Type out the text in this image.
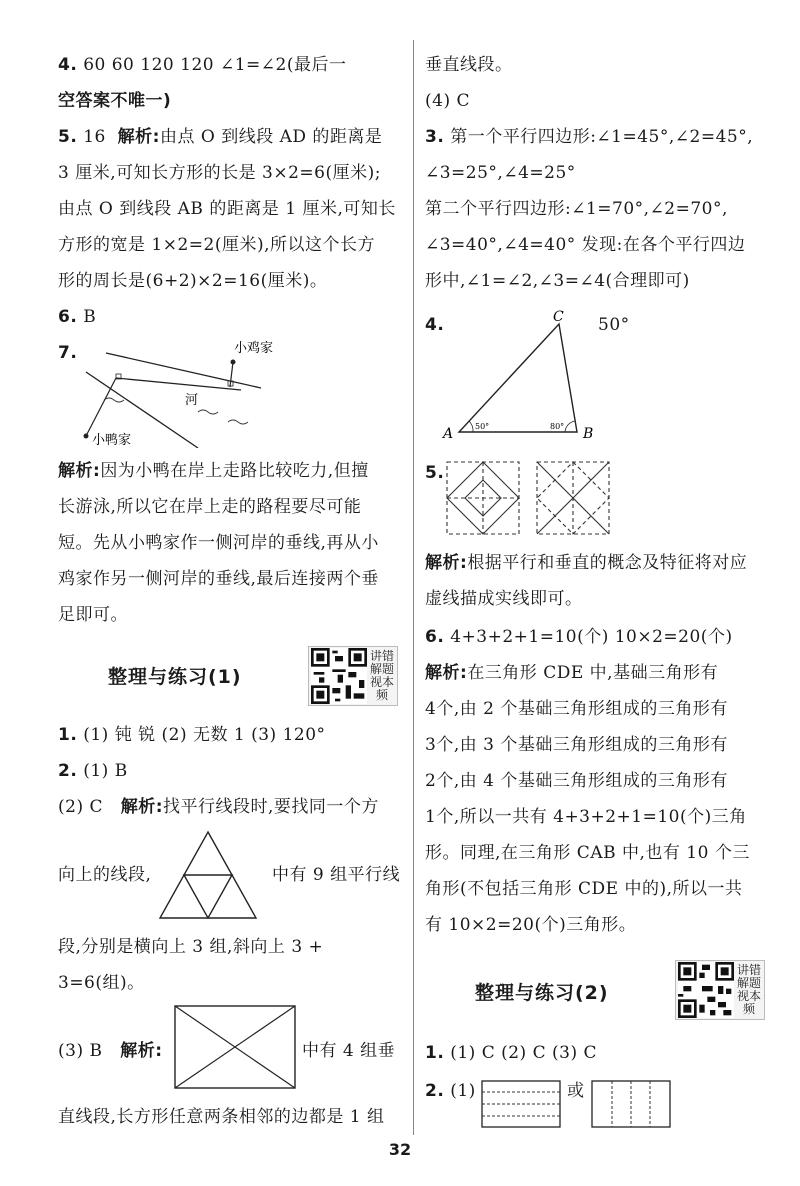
4. 60 60 120 120 ∠1=∠2(最后一
空答案不唯一)
5. 16 解析:由点 O 到线段 AD 的距离是
3 厘米,可知长方形的长是 3×2=6(厘米);
由点 O 到线段 AB 的距离是 1 厘米,可知长
方形的宽是 1×2=2(厘米),所以这个长方
形的周长是(6+2)×2=16(厘米)。
6. B
7.	小鸡家
小鸭家
河
解析:因为小鸭在岸上走路比较吃力,但擅
长游泳,所以它在岸上走的路程要尽可能
短。先从小鸭家作一侧河岸的垂线,再从小
鸡家作另一侧河岸的垂线,最后连接两个垂
足即可。
整理与练习(1)
讲错
解题
视本
频
1. (1) 钝 锐 (2) 无数 1 (3) 120°
2. (1) B
(2) C 解析:找平行线段时,要找同一个方
向上的线段,	中有 9 组平行线
段,分别是横向上 3 组,斜向上 3 +
3=6(组)。
(3) B 解析:	中有 4 组垂
直线段,长方形任意两条相邻的边都是 1 组
垂直线段。
(4) C
3. 第一个平行四边形:∠1=45°,∠2=45°,
∠3=25°,∠4=25°
第二个平行四边形:∠1=70°,∠2=70°,
∠3=40°,∠4=40° 发现:在各个平行四边
形中,∠1=∠2,∠3=∠4(合理即可)
4.
A	B
C
50°	80°
50°
5.
解析:根据平行和垂直的概念及特征将对应
虚线描成实线即可。
6. 4+3+2+1=10(个) 10×2=20(个)
解析:在三角形 CDE 中,基础三角形有
4个,由 2 个基础三角形组成的三角形有
3个,由 3 个基础三角形组成的三角形有
2个,由 4 个基础三角形组成的三角形有
1个,所以一共有 4+3+2+1=10(个)三角
形。同理,在三角形 CAB 中,也有 10 个三
角形(不包括三角形 CDE 中的),所以一共
有 10×2=20(个)三角形。
整理与练习(2)
讲错
解题
视本
频
1. (1) C (2) C (3) C
2. (1)	或
32
